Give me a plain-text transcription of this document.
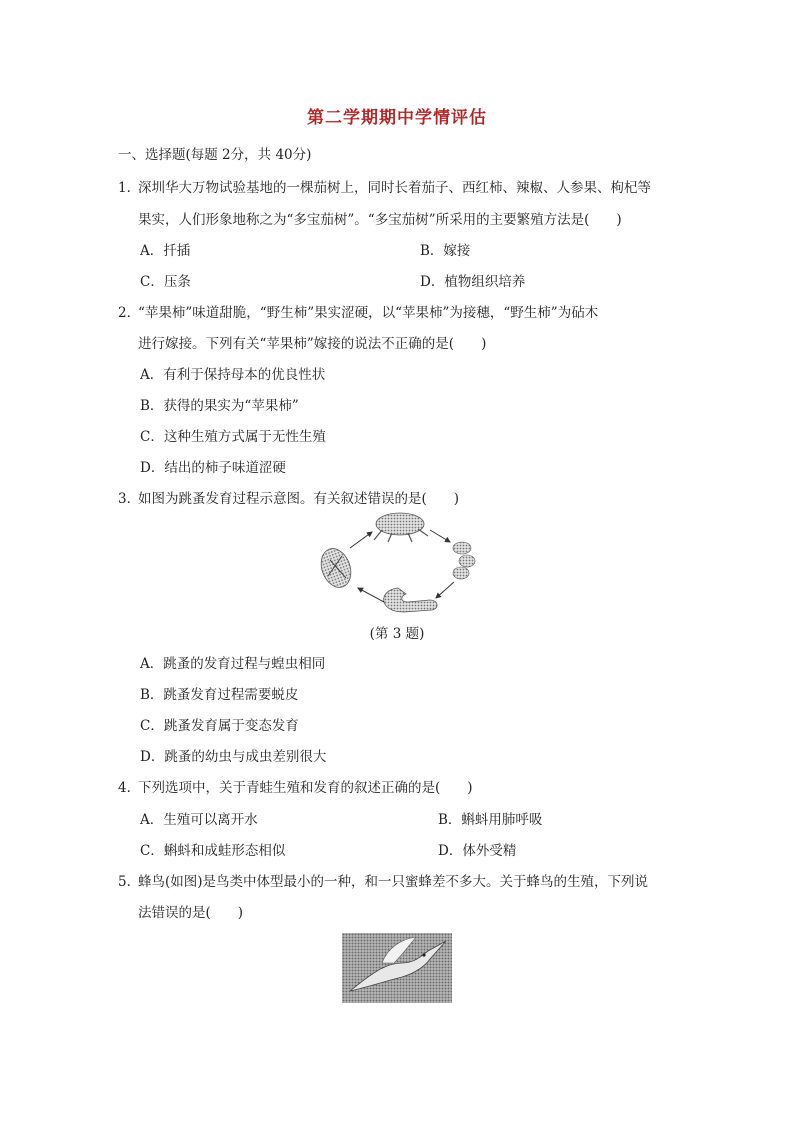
第二学期期中学情评估
一、选择题(每题 2分，共 40分)
1．
深圳华大万物试验基地的一棵茄树上，同时长着茄子、西红柿、辣椒、人参果、枸杞等
果实，人们形象地称之为“多宝茄树”。“多宝茄树”所采用的主要繁殖方法是(　　)
A．扦插	B．嫁接
C．压条	D．植物组织培养
2．
“苹果柿”味道甜脆，“野生柿”果实涩硬，以“苹果柿”为接穗，“野生柿”为砧木
进行嫁接。下列有关“苹果柿”嫁接的说法不正确的是(　　)
A．有利于保持母本的优良性状
B．获得的果实为“苹果柿”
C．这种生殖方式属于无性生殖
D．结出的柿子味道涩硬
3．
如图为跳蚤发育过程示意图。有关叙述错误的是(　　)
(第 3 题)
A．跳蚤的发育过程与蝗虫相同
B．跳蚤发育过程需要蜕皮
C．跳蚤发育属于变态发育
D．跳蚤的幼虫与成虫差别很大
4．
下列选项中，关于青蛙生殖和发育的叙述正确的是(　　)
A．生殖可以离开水	B．蝌蚪用肺呼吸
C．蝌蚪和成蛙形态相似	D．体外受精
5．
蜂鸟(如图)是鸟类中体型最小的一种，和一只蜜蜂差不多大。关于蜂鸟的生殖，下列说
法错误的是(　　)
